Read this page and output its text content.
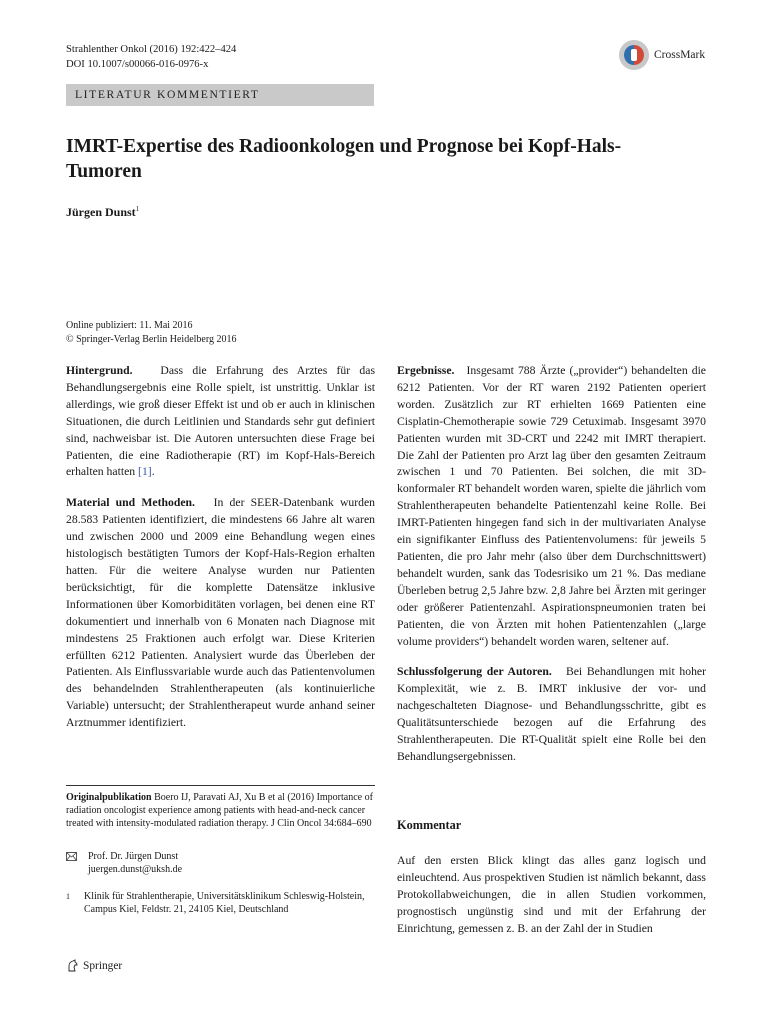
Strahlenther Onkol (2016) 192:422–424
DOI 10.1007/s00066-016-0976-x
CrossMark
LITERATUR KOMMENTIERT
IMRT-Expertise des Radioonkologen und Prognose bei Kopf-Hals-Tumoren
Jürgen Dunst$^1$
Online publiziert: 11. Mai 2016
© Springer-Verlag Berlin Heidelberg 2016

Hintergrund. Dass die Erfahrung des Arztes für das Behandlungsergebnis eine Rolle spielt, ist unstrittig. Unklar ist allerdings, wie groß dieser Effekt ist und ob er auch in klinischen Situationen, die durch Leitlinien und Standards sehr gut definiert sind, nachweisbar ist. Die Autoren untersuchten diese Frage bei Patienten, die eine Radiotherapie (RT) im Kopf-Hals-Bereich erhalten hatten [1].

Material und Methoden. In der SEER-Datenbank wurden 28.583 Patienten identifiziert, die mindestens 66 Jahre alt waren und zwischen 2000 und 2009 eine Behandlung wegen eines histologisch bestätigten Tumors der Kopf-Hals-Region erhalten hatten. Für die weitere Analyse wurden nur Patienten berücksichtigt, für die komplette Datensätze inklusive Informationen über Komorbiditäten vorlagen, bei denen eine RT dokumentiert und innerhalb von 6 Monaten nach Diagnose mit mindestens 25 Fraktionen auch erfolgt war. Diese Kriterien erfüllten 6212 Patienten. Analysiert wurde das Überleben der Patienten. Als Einflussvariable wurde auch das Patientenvolumen des behandelnden Strahlentherapeuten (als kontinuierliche Variable) untersucht; der Strahlentherapeut wurde anhand seiner Arztnummer identifiziert.

Originalpublikation Boero IJ, Paravati AJ, Xu B et al (2016) Importance of radiation oncologist experience among patients with head-and-neck cancer treated with intensity-modulated radiation therapy. J Clin Oncol 34:684–690
Prof. Dr. Jürgen Dunst
juergen.dunst@uksh.de
1 Klinik für Strahlentherapie, Universitätsklinikum Schleswig-Holstein, Campus Kiel, Feldstr. 21, 24105 Kiel, Deutschland

Ergebnisse. Insgesamt 788 Ärzte („provider“) behandelten die 6212 Patienten. Vor der RT waren 2192 Patienten operiert worden. Zusätzlich zur RT erhielten 1669 Patienten eine Cisplatin-Chemotherapie sowie 729 Cetuximab. Insgesamt 3970 Patienten wurden mit 3D-CRT und 2242 mit IMRT therapiert. Die Zahl der Patienten pro Arzt lag über den gesamten Zeitraum zwischen 1 und 70 Patienten. Bei solchen, die mit 3D-konformaler RT behandelt worden waren, spielte die jährlich vom Strahlentherapeuten behandelte Patientenzahl keine Rolle. Bei IMRT-Patienten hingegen fand sich in der multivariaten Analyse ein signifikanter Einfluss des Patientenvolumens: für jeweils 5 Patienten, die pro Jahr mehr (also über dem Durchschnittswert) behandelt wurden, sank das Todesrisiko um 21 %. Das mediane Überleben betrug 2,5 Jahre bzw. 2,8 Jahre bei Ärzten mit geringer oder größerer Patientenzahl. Aspirationspneumonien traten bei Patienten, die von Ärzten mit hohen Patientenzahlen („large volume providers“) behandelt worden waren, seltener auf.

Schlussfolgerung der Autoren. Bei Behandlungen mit hoher Komplexität, wie z. B. IMRT inklusive der vor- und nachgeschalteten Diagnose- und Behandlungsschritte, gibt es Qualitätsunterschiede bezogen auf die Erfahrung des Strahlentherapeuten. Die RT-Qualität spielt eine Rolle bei den Behandlungsergebnissen.

Kommentar
Auf den ersten Blick klingt das alles ganz logisch und einleuchtend. Aus prospektiven Studien ist nämlich bekannt, dass Protokollabweichungen, die in allen Studien vorkommen, prognostisch ungünstig sind und mit der Erfahrung der Einrichtung, gemessen z. B. an der Zahl der in Studien
Springer
